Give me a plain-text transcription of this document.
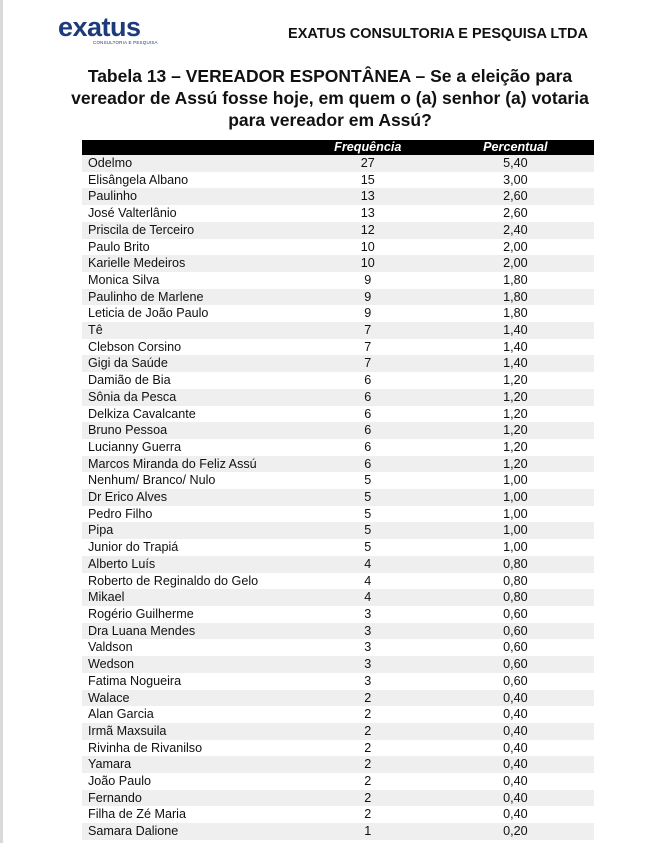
exatus
CONSULTORIA E PESQUISA
EXATUS CONSULTORIA E PESQUISA LTDA
Tabela 13 – VEREADOR ESPONTÂNEA – Se a eleição para vereador de Assú fosse hoje, em quem o (a) senhor (a) votaria para vereador em Assú?
	Frequência	Percentual
Odelmo	27	5,40
Elisângela Albano	15	3,00
Paulinho	13	2,60
José Valterlânio	13	2,60
Priscila de Terceiro	12	2,40
Paulo Brito	10	2,00
Karielle Medeiros	10	2,00
Monica Silva	9	1,80
Paulinho de Marlene	9	1,80
Leticia de João Paulo	9	1,80
Tê	7	1,40
Clebson Corsino	7	1,40
Gigi da Saúde	7	1,40
Damião de Bia	6	1,20
Sônia da Pesca	6	1,20
Delkiza Cavalcante	6	1,20
Bruno Pessoa	6	1,20
Lucianny Guerra	6	1,20
Marcos Miranda do Feliz Assú	6	1,20
Nenhum/ Branco/ Nulo	5	1,00
Dr Erico Alves	5	1,00
Pedro Filho	5	1,00
Pipa	5	1,00
Junior do Trapiá	5	1,00
Alberto Luís	4	0,80
Roberto de Reginaldo do Gelo	4	0,80
Mikael	4	0,80
Rogério Guilherme	3	0,60
Dra Luana Mendes	3	0,60
Valdson	3	0,60
Wedson	3	0,60
Fatima Nogueira	3	0,60
Walace	2	0,40
Alan Garcia	2	0,40
Irmã Maxsuila	2	0,40
Rivinha de Rivanilso	2	0,40
Yamara	2	0,40
João Paulo	2	0,40
Fernando	2	0,40
Filha de Zé Maria	2	0,40
Samara Dalione	1	0,20
